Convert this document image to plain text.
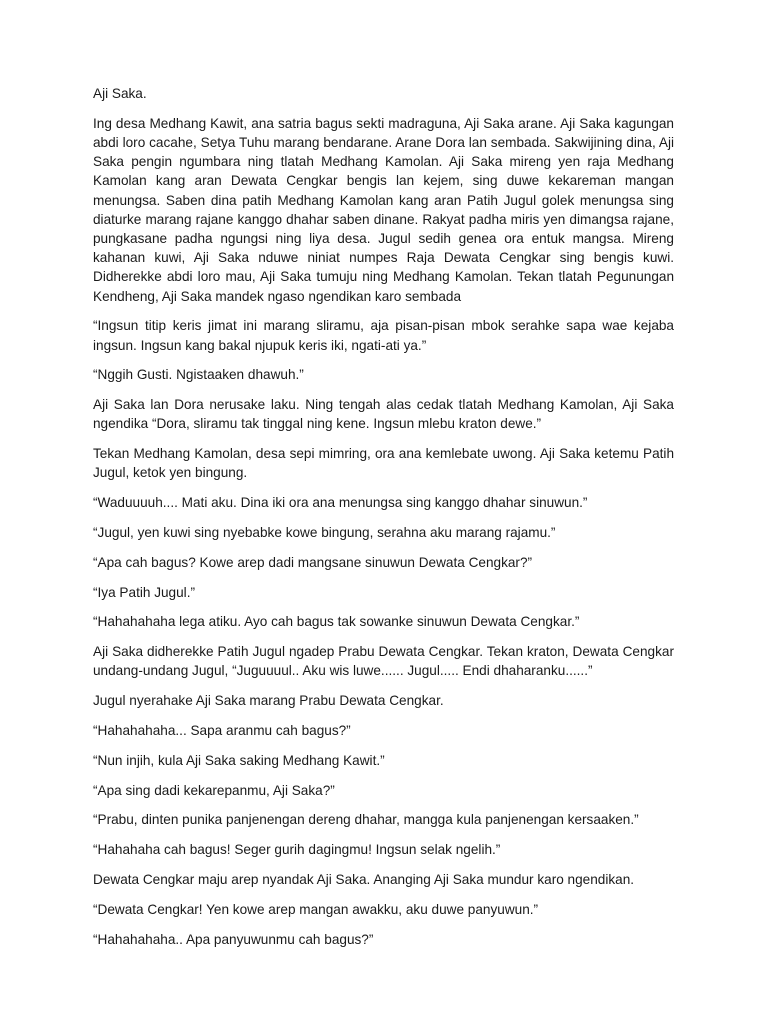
Aji Saka.

Ing desa Medhang Kawit, ana satria bagus sekti madraguna, Aji Saka arane. Aji Saka kagungan abdi loro cacahe, Setya Tuhu marang bendarane. Arane Dora lan sembada. Sakwijining dina, Aji Saka pengin ngumbara ning tlatah Medhang Kamolan. Aji Saka mireng yen raja Medhang Kamolan kang aran Dewata Cengkar bengis lan kejem, sing duwe kekareman mangan menungsa. Saben dina patih Medhang Kamolan kang aran Patih Jugul golek menungsa sing diaturke marang rajane kanggo dhahar saben dinane. Rakyat padha miris yen dimangsa rajane, pungkasane padha ngungsi ning liya desa. Jugul sedih genea ora entuk mangsa. Mireng kahanan kuwi, Aji Saka nduwe niniat numpes Raja Dewata Cengkar sing bengis kuwi. Didherekke abdi loro mau, Aji Saka tumuju ning Medhang Kamolan. Tekan tlatah Pegunungan Kendheng, Aji Saka mandek ngaso ngendikan karo sembada

“Ingsun titip keris jimat ini marang sliramu, aja pisan-pisan mbok serahke sapa wae kejaba ingsun. Ingsun kang bakal njupuk keris iki, ngati-ati ya.”

“Nggih Gusti. Ngistaaken dhawuh.”

Aji Saka lan Dora nerusake laku. Ning tengah alas cedak tlatah Medhang Kamolan, Aji Saka ngendika “Dora, sliramu tak tinggal ning kene. Ingsun mlebu kraton dewe.”

Tekan Medhang Kamolan, desa sepi mimring, ora ana kemlebate uwong. Aji Saka ketemu Patih Jugul, ketok yen bingung.

“Waduuuuh.... Mati aku. Dina iki ora ana menungsa sing kanggo dhahar sinuwun.”

“Jugul, yen kuwi sing nyebabke kowe bingung, serahna aku marang rajamu.”

“Apa cah bagus? Kowe arep dadi mangsane sinuwun Dewata Cengkar?”

“Iya Patih Jugul.”

“Hahahahaha lega atiku. Ayo cah bagus tak sowanke sinuwun Dewata Cengkar.”

Aji Saka didherekke Patih Jugul ngadep Prabu Dewata Cengkar. Tekan kraton, Dewata Cengkar undang-undang Jugul, “Juguuuul.. Aku wis luwe...... Jugul..... Endi dhaharanku......”

Jugul nyerahake Aji Saka marang Prabu Dewata Cengkar.

“Hahahahaha... Sapa aranmu cah bagus?”

“Nun injih, kula Aji Saka saking Medhang Kawit.”

“Apa sing dadi kekarepanmu, Aji Saka?”

“Prabu, dinten punika panjenengan dereng dhahar, mangga kula panjenengan kersaaken.”

“Hahahaha cah bagus! Seger gurih dagingmu! Ingsun selak ngelih.”

Dewata Cengkar maju arep nyandak Aji Saka. Ananging Aji Saka mundur karo ngendikan.

“Dewata Cengkar! Yen kowe arep mangan awakku, aku duwe panyuwun.”

“Hahahahaha.. Apa panyuwunmu cah bagus?”
